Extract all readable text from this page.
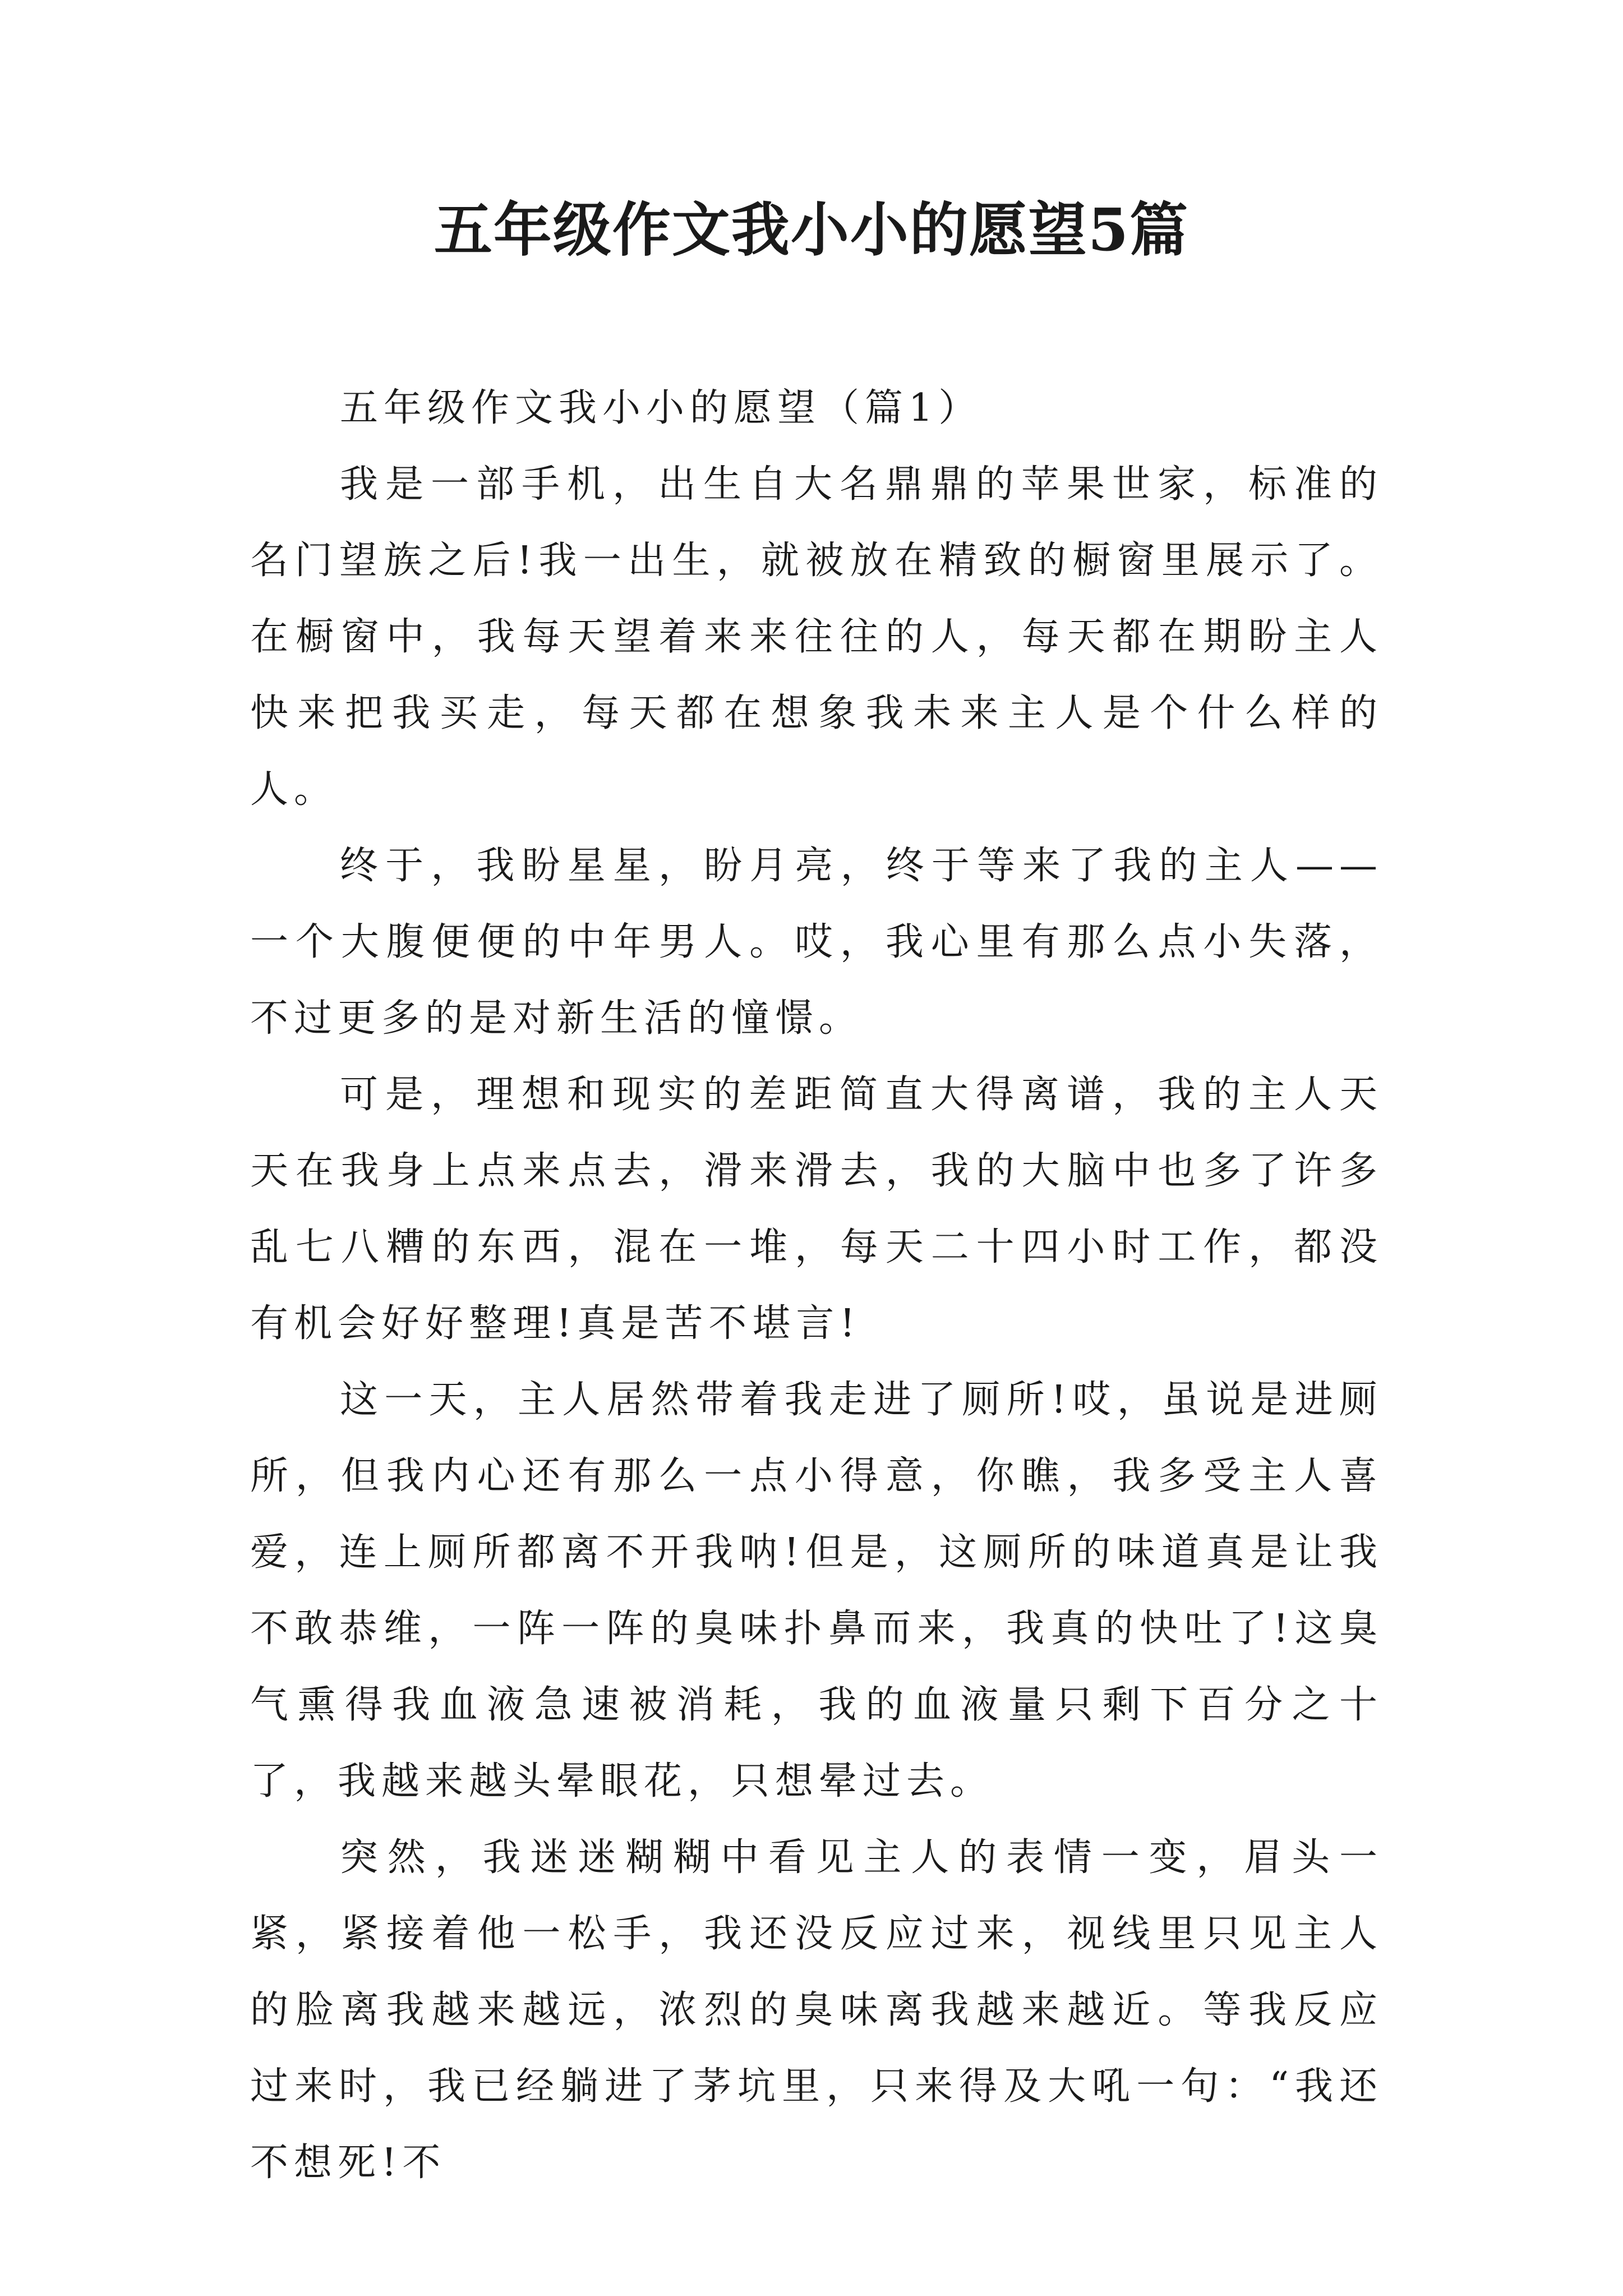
五年级作文我小小的愿望5篇

五年级作文我小小的愿望（篇1）

我是一部手机，出生自大名鼎鼎的苹果世家，标准的名门望族之后!我一出生，就被放在精致的橱窗里展示了。在橱窗中，我每天望着来来往往的人，每天都在期盼主人快来把我买走，每天都在想象我未来主人是个什么样的人。

终于，我盼星星，盼月亮，终于等来了我的主人——一个大腹便便的中年男人。哎，我心里有那么点小失落，不过更多的是对新生活的憧憬。

可是，理想和现实的差距简直大得离谱，我的主人天天在我身上点来点去，滑来滑去，我的大脑中也多了许多乱七八糟的东西，混在一堆，每天二十四小时工作，都没有机会好好整理!真是苦不堪言!

这一天，主人居然带着我走进了厕所!哎，虽说是进厕所，但我内心还有那么一点小得意，你瞧，我多受主人喜爱，连上厕所都离不开我呐!但是，这厕所的味道真是让我不敢恭维，一阵一阵的臭味扑鼻而来，我真的快吐了!这臭气熏得我血液急速被消耗，我的血液量只剩下百分之十了，我越来越头晕眼花，只想晕过去。

突然，我迷迷糊糊中看见主人的表情一变，眉头一紧，紧接着他一松手，我还没反应过来，视线里只见主人的脸离我越来越远，浓烈的臭味离我越来越近。等我反应过来时，我已经躺进了茅坑里，只来得及大吼一句：“我还不想死!不
